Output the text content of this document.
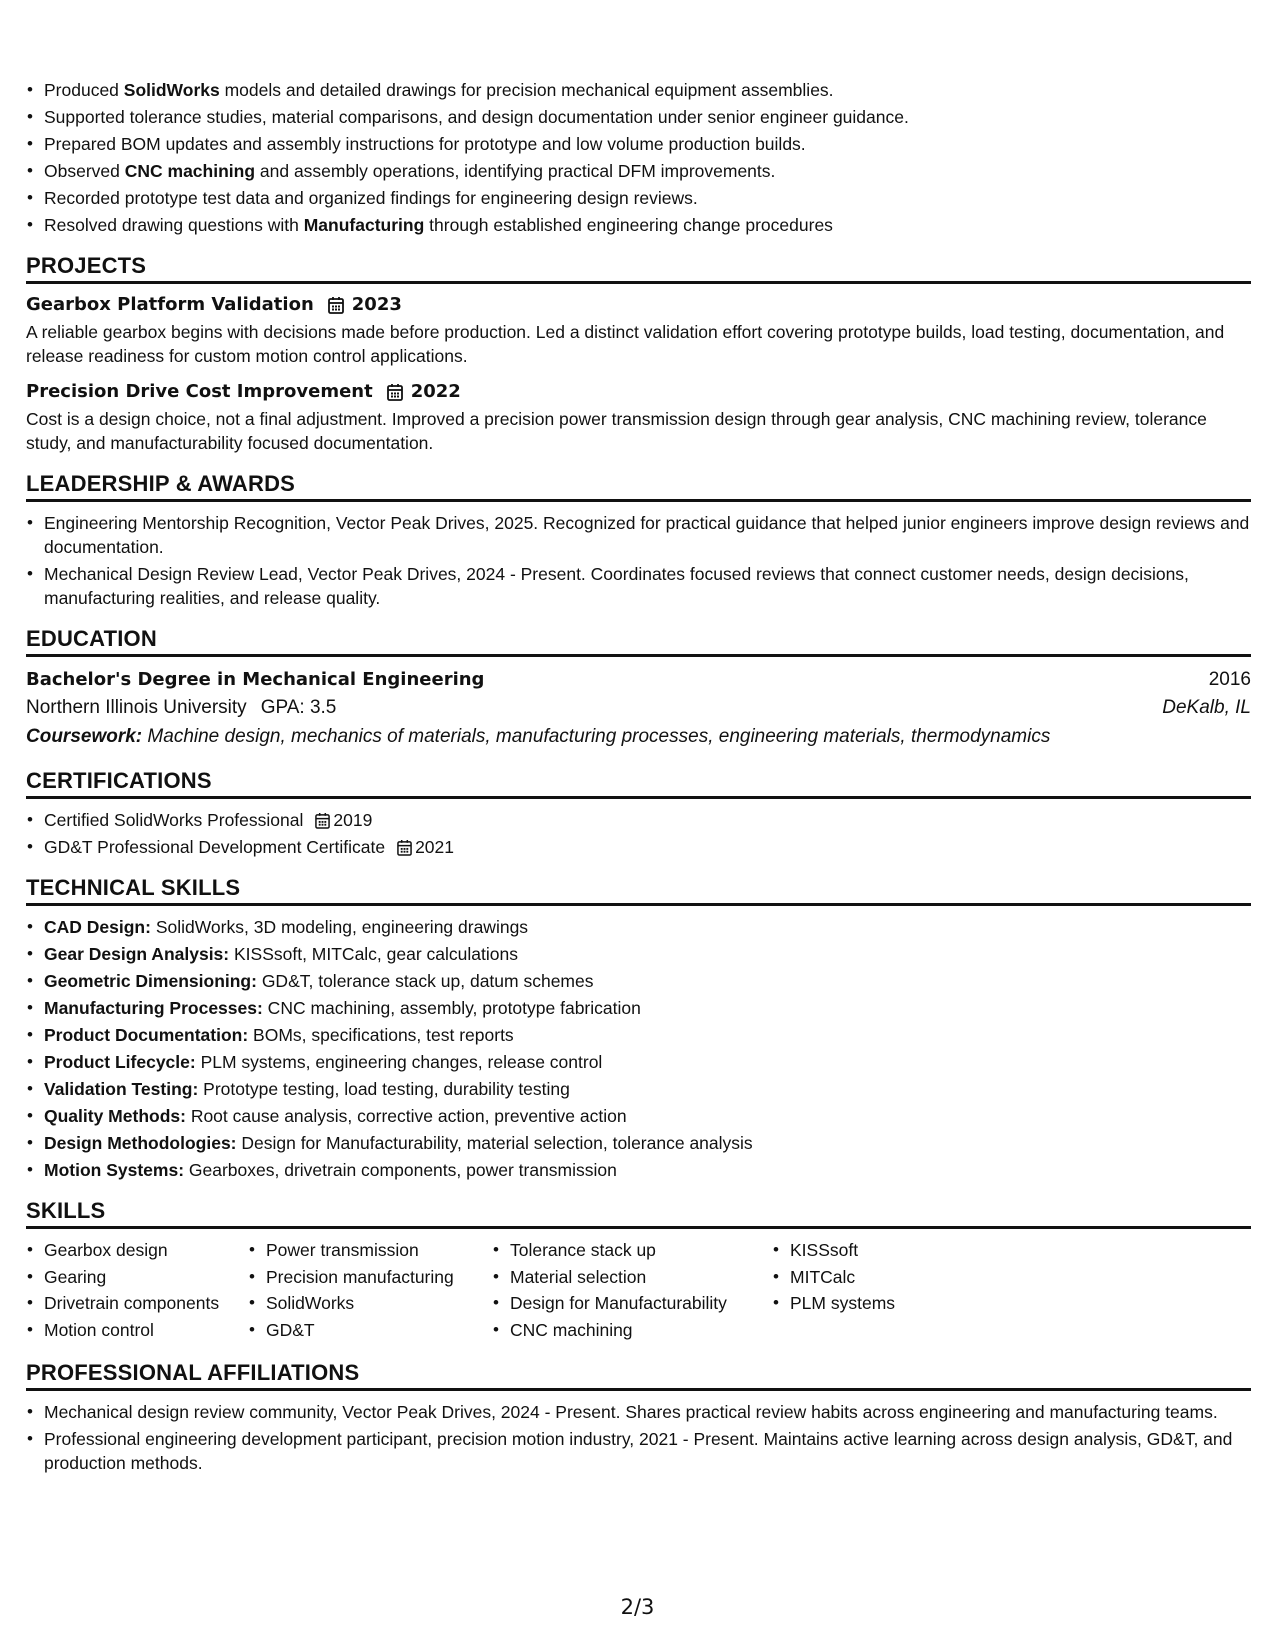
• Produced SolidWorks models and detailed drawings for precision mechanical equipment assemblies.
• Supported tolerance studies, material comparisons, and design documentation under senior engineer guidance.
• Prepared BOM updates and assembly instructions for prototype and low volume production builds.
• Observed CNC machining and assembly operations, identifying practical DFM improvements.
• Recorded prototype test data and organized findings for engineering design reviews.
• Resolved drawing questions with Manufacturing through established engineering change procedures
PROJECTS
Gearbox Platform Validation 2023
A reliable gearbox begins with decisions made before production. Led a distinct validation effort covering prototype builds, load testing, documentation, and release readiness for custom motion control applications.
Precision Drive Cost Improvement 2022
Cost is a design choice, not a final adjustment. Improved a precision power transmission design through gear analysis, CNC machining review, tolerance study, and manufacturability focused documentation.
LEADERSHIP & AWARDS
• Engineering Mentorship Recognition, Vector Peak Drives, 2025. Recognized for practical guidance that helped junior engineers improve design reviews and documentation.
• Mechanical Design Review Lead, Vector Peak Drives, 2024 - Present. Coordinates focused reviews that connect customer needs, design decisions, manufacturing realities, and release quality.
EDUCATION
Bachelor's Degree in Mechanical Engineering	2016
Northern Illinois University GPA: 3.5	DeKalb, IL
Coursework: Machine design, mechanics of materials, manufacturing processes, engineering materials, thermodynamics
CERTIFICATIONS
• Certified SolidWorks Professional 2019
• GD&T Professional Development Certificate 2021
TECHNICAL SKILLS
• CAD Design: SolidWorks, 3D modeling, engineering drawings
• Gear Design Analysis: KISSsoft, MITCalc, gear calculations
• Geometric Dimensioning: GD&T, tolerance stack up, datum schemes
• Manufacturing Processes: CNC machining, assembly, prototype fabrication
• Product Documentation: BOMs, specifications, test reports
• Product Lifecycle: PLM systems, engineering changes, release control
• Validation Testing: Prototype testing, load testing, durability testing
• Quality Methods: Root cause analysis, corrective action, preventive action
• Design Methodologies: Design for Manufacturability, material selection, tolerance analysis
• Motion Systems: Gearboxes, drivetrain components, power transmission
SKILLS
• Gearbox design
• Gearing
• Drivetrain components
• Motion control
• Power transmission
• Precision manufacturing
• SolidWorks
• GD&T
• Tolerance stack up
• Material selection
• Design for Manufacturability
• CNC machining
• KISSsoft
• MITCalc
• PLM systems
PROFESSIONAL AFFILIATIONS
• Mechanical design review community, Vector Peak Drives, 2024 - Present. Shares practical review habits across engineering and manufacturing teams.
• Professional engineering development participant, precision motion industry, 2021 - Present. Maintains active learning across design analysis, GD&T, and production methods.
2/3
